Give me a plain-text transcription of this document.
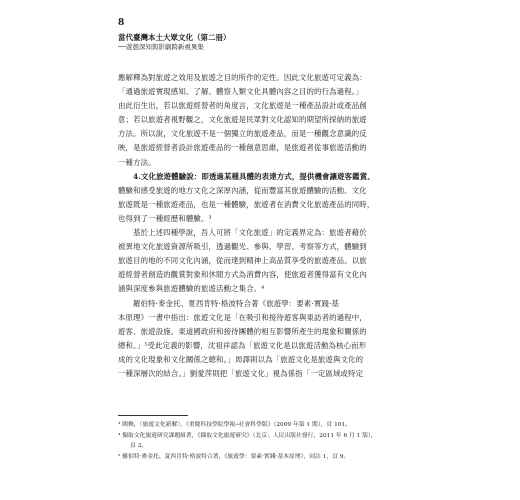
8
當代臺灣本土大眾文化（第二冊）
──遊憩深知與影劇跨新視異集
應解釋為對旅遊之效用及旅遊之目的所作的定性。因此文化旅遊可定義為：
「通過旅遊實現感知、了解、體察人類文化具體內容之目的的行為過程。」
由此衍生出，若以旅遊經營者的角度言，文化旅遊是一種產品設計或產品創
意；若以旅遊者視野觀之，文化旅遊是民眾對文化認知的期望所採納的旅遊
方法。所以說，文化旅遊不是一個獨立的旅遊產品，而是一種觀念意識的反
映，是旅遊經營者設計旅遊產品的一種創意思維，是旅遊者從事旅遊活動的
一種方法。
4.文化旅遊體驗說：即透過某種具體的表達方式，提供機會讓遊客鑑賞、
體驗和感受旅遊的地方文化之深厚內涵，從而豐富其旅遊體驗的活動。文化
旅遊既是一種旅遊產品，也是一種體驗，旅遊者在消費文化旅遊產品的同時，
也得到了一種經歷和體驗。³
基於上述四種學說，吾人可將「文化旅遊」的定義界定為：旅遊者藉於
被異地文化旅遊資源所吸引，透過觀光、參與、學習、考察等方式，體驗到
旅遊目的地的不同文化內涵，從而達到精神上高品質享受的旅遊產品。以旅
遊經營者創造的觀賞對象和休閒方式為消費內容，使旅遊者獲得富有文化內
涵與深度參與旅遊體驗的旅遊活動之集合。⁴
羅伯特·麥金托、夏西肯特·格波特合著《旅遊學：要素·實踐·基
本原理》一書中指出：旅遊文化是「在吸引和接待遊客與東訪者的過程中，
遊客、旅遊設施、東道國政府和接待團體的相互影響所產生的現象和關係的
總和。」⁵受此定義的影響，沈祖祥認為「旅遊文化是以旅遊活動為核心而形
成的文化現象和文化關係之總和。」周譯則以為「旅遊文化是旅遊與文化的
一種深層次的結合。」劉愛萍則把「旅遊文化」視為係指「一定區域或特定
³ 閩煥，〈旅遊文化新解〉，《重慶科技學院學報─社會科學版》（2009 年第 1 期），頁 101。
⁴ 擷取文化旅遊研究課題組著，《擷取文化旅遊研究》（北京：人民出版社發行，2011 年 6 月 1 版），
頁 3。
⁵ 羅伯特·麥金托、夏西肯特·格波特合著，《旅遊學：要素·實踐·基本原理》，同註 1，頁 9。
